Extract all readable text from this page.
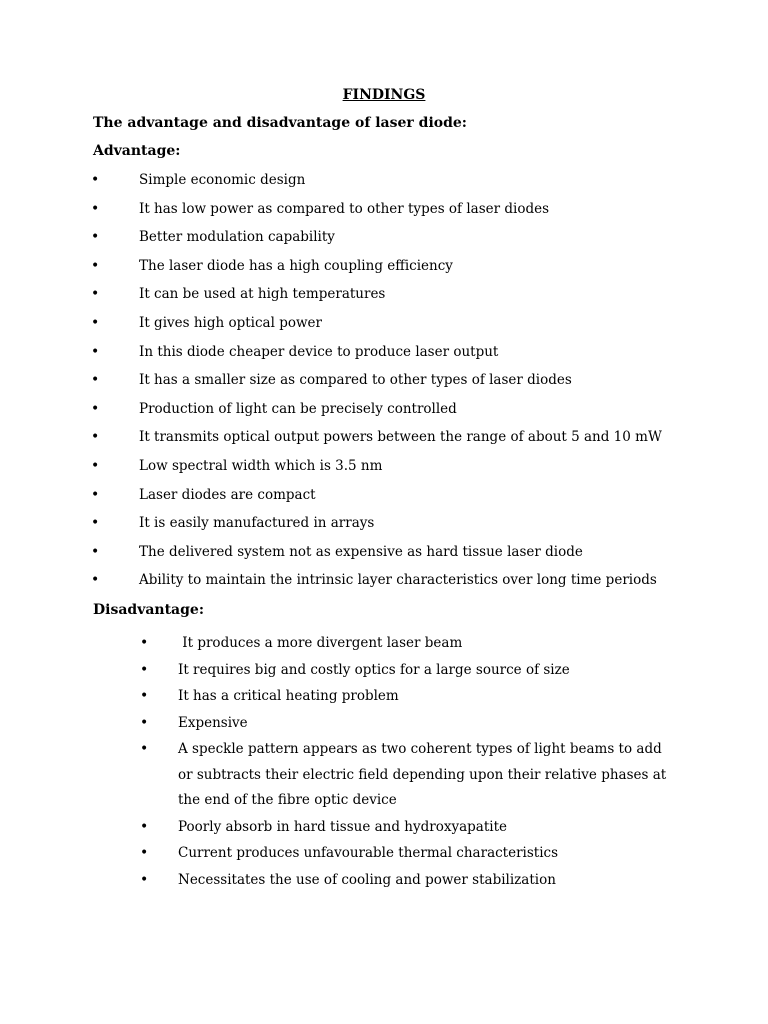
FINDINGS
The advantage and disadvantage of laser diode:
Advantage:
•	Simple economic design
•	It has low power as compared to other types of laser diodes
•	Better modulation capability
•	The laser diode has a high coupling efficiency
•	It can be used at high temperatures
•	It gives high optical power
•	In this diode cheaper device to produce laser output
•	It has a smaller size as compared to other types of laser diodes
•	Production of light can be precisely controlled
•	It transmits optical output powers between the range of about 5 and 10 mW
•	Low spectral width which is 3.5 nm
•	Laser diodes are compact
•	It is easily manufactured in arrays
•	The delivered system not as expensive as hard tissue laser diode
•	Ability to maintain the intrinsic layer characteristics over long time periods
Disadvantage:
• It produces a more divergent laser beam
• It requires big and costly optics for a large source of size
• It has a critical heating problem
• Expensive
• A speckle pattern appears as two coherent types of light beams to add or subtracts their electric field depending upon their relative phases at the end of the fibre optic device
• Poorly absorb in hard tissue and hydroxyapatite
• Current produces unfavourable thermal characteristics
• Necessitates the use of cooling and power stabilization
